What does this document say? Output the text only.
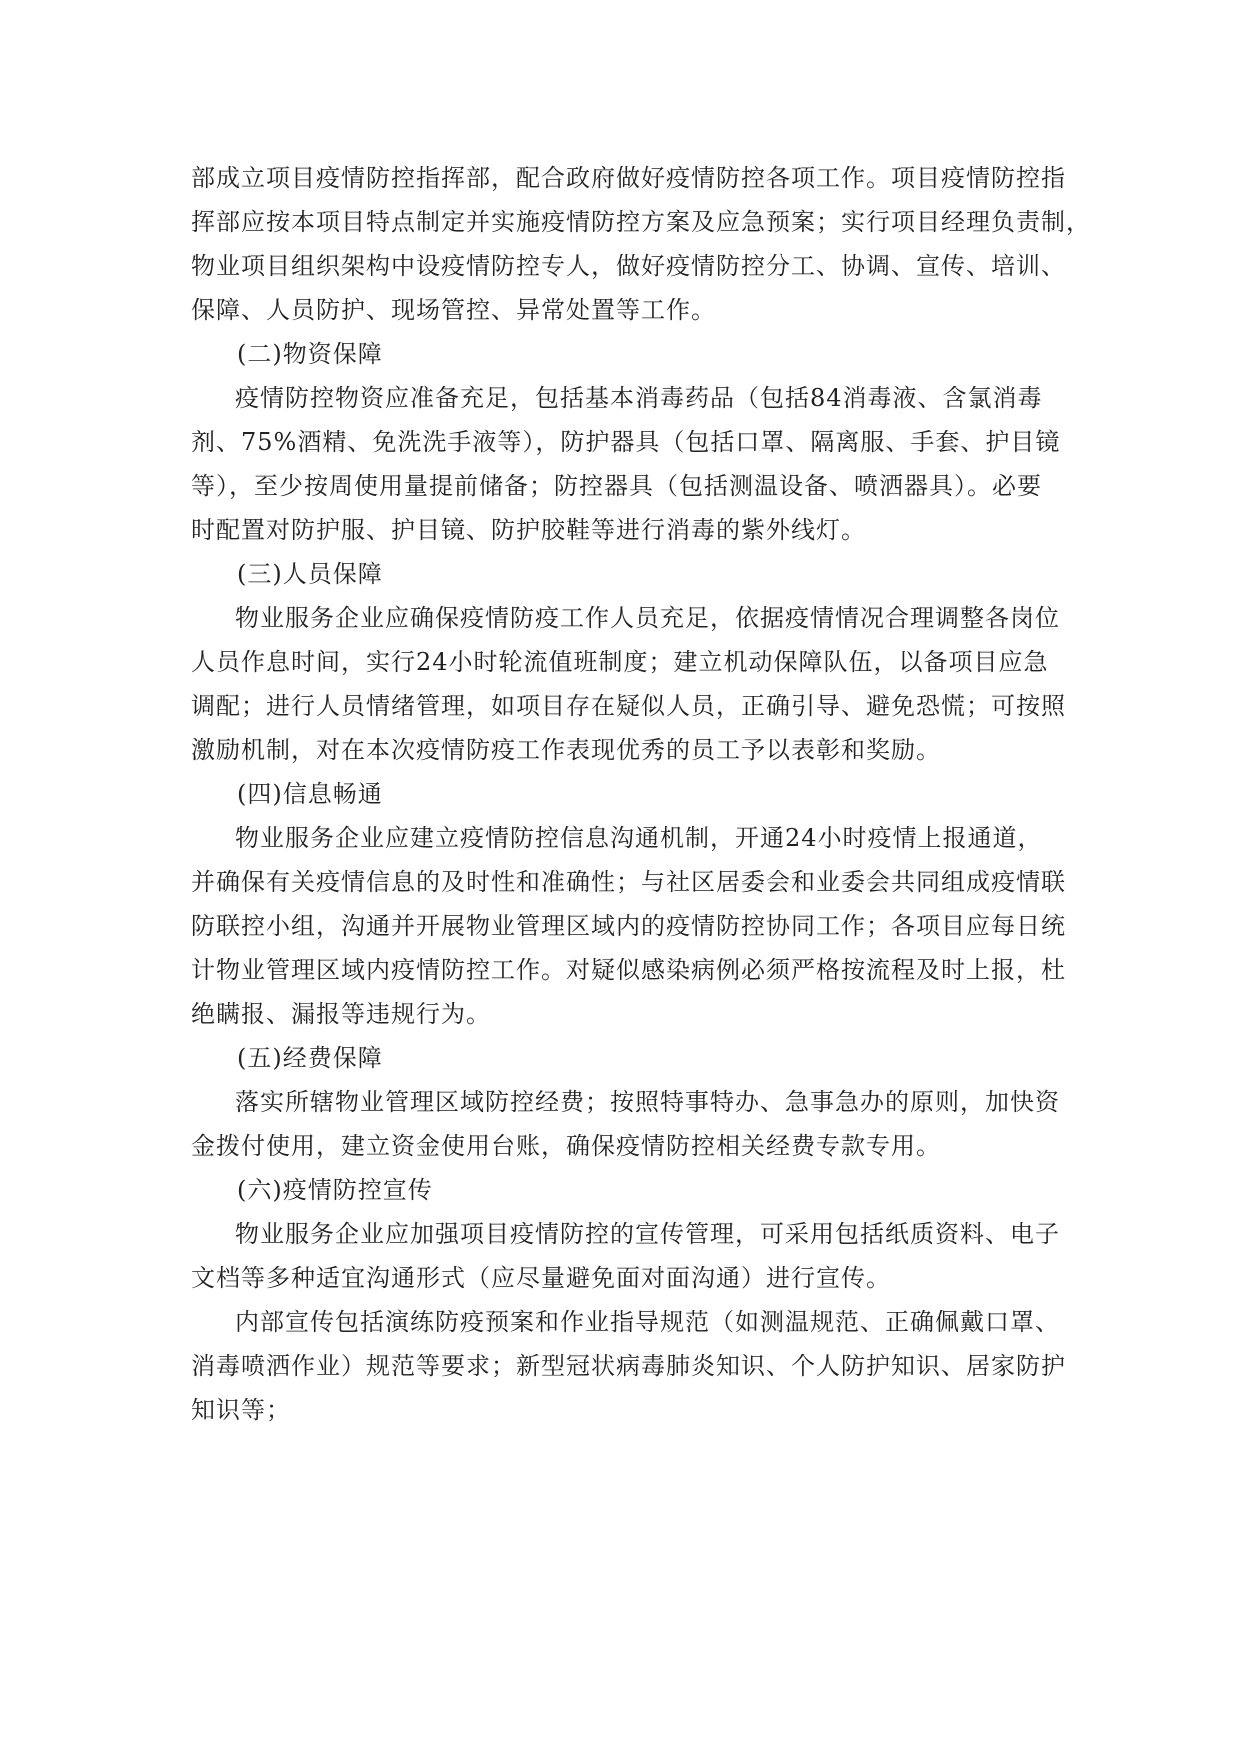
部成立项目疫情防控指挥部，配合政府做好疫情防控各项工作。项目疫情防控指
挥部应按本项目特点制定并实施疫情防控方案及应急预案；实行项目经理负责制，
物业项目组织架构中设疫情防控专人，做好疫情防控分工、协调、宣传、培训、
保障、人员防护、现场管控、异常处置等工作。
(二)物资保障
疫情防控物资应准备充足，包括基本消毒药品（包括84消毒液、含氯消毒
剂、75%酒精、免洗洗手液等），防护器具（包括口罩、隔离服、手套、护目镜
等），至少按周使用量提前储备；防控器具（包括测温设备、喷洒器具）。必要
时配置对防护服、护目镜、防护胶鞋等进行消毒的紫外线灯。
(三)人员保障
物业服务企业应确保疫情防疫工作人员充足，依据疫情情况合理调整各岗位
人员作息时间，实行24小时轮流值班制度；建立机动保障队伍，以备项目应急
调配；进行人员情绪管理，如项目存在疑似人员，正确引导、避免恐慌；可按照
激励机制，对在本次疫情防疫工作表现优秀的员工予以表彰和奖励。
(四)信息畅通
物业服务企业应建立疫情防控信息沟通机制，开通24小时疫情上报通道，
并确保有关疫情信息的及时性和准确性；与社区居委会和业委会共同组成疫情联
防联控小组，沟通并开展物业管理区域内的疫情防控协同工作；各项目应每日统
计物业管理区域内疫情防控工作。对疑似感染病例必须严格按流程及时上报，杜
绝瞒报、漏报等违规行为。
(五)经费保障
落实所辖物业管理区域防控经费；按照特事特办、急事急办的原则，加快资
金拨付使用，建立资金使用台账，确保疫情防控相关经费专款专用。
(六)疫情防控宣传
物业服务企业应加强项目疫情防控的宣传管理，可采用包括纸质资料、电子
文档等多种适宜沟通形式（应尽量避免面对面沟通）进行宣传。
内部宣传包括演练防疫预案和作业指导规范（如测温规范、正确佩戴口罩、
消毒喷洒作业）规范等要求；新型冠状病毒肺炎知识、个人防护知识、居家防护
知识等；
